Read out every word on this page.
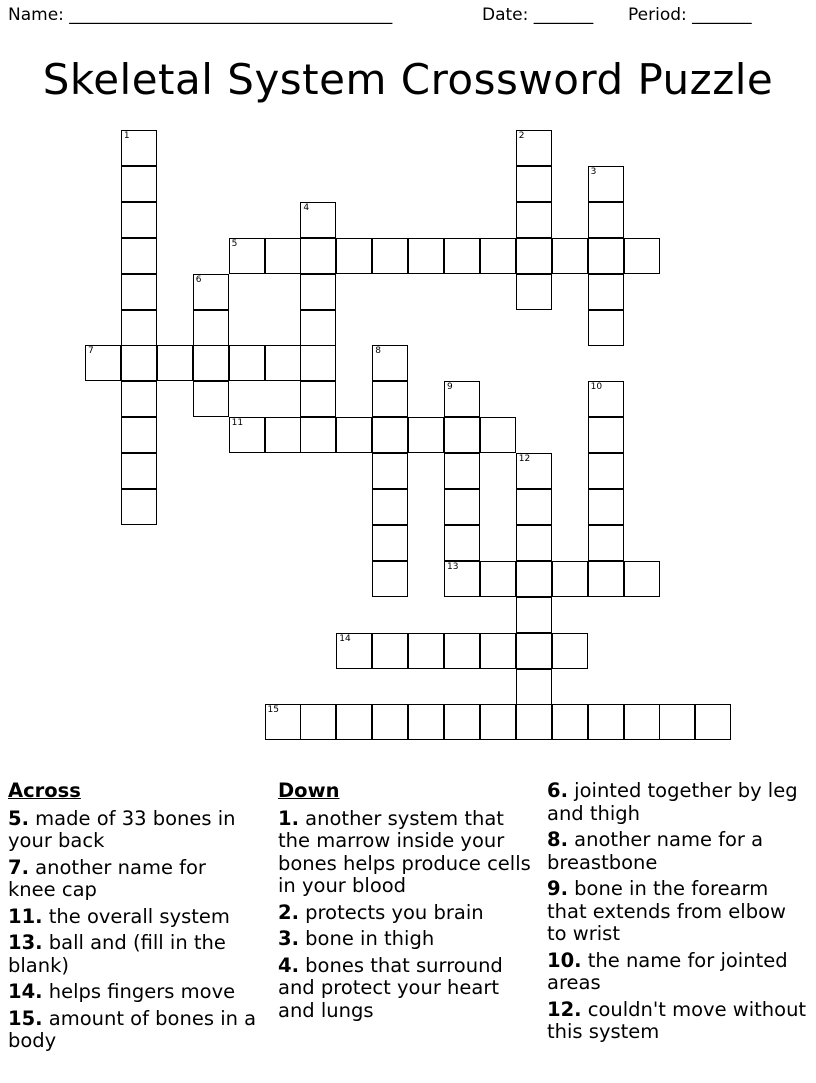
Name: ______________________________________	Date: _______ Period: _______
Skeletal System Crossword Puzzle
5
7
11
13
14
15
1	2
3
4
6
8
9	10
12
Across
5. made of 33 bones in your back
7. another name for knee cap
11. the overall system
13. ball and (fill in the blank)
14. helps fingers move
15. amount of bones in a body
Down
1. another system that the marrow inside your bones helps produce cells in your blood
2. protects you brain
3. bone in thigh
4. bones that surround and protect your heart and lungs
6. jointed together by leg and thigh
8. another name for a breastbone
9. bone in the forearm that extends from elbow to wrist
10. the name for jointed areas
12. couldn't move without this system
